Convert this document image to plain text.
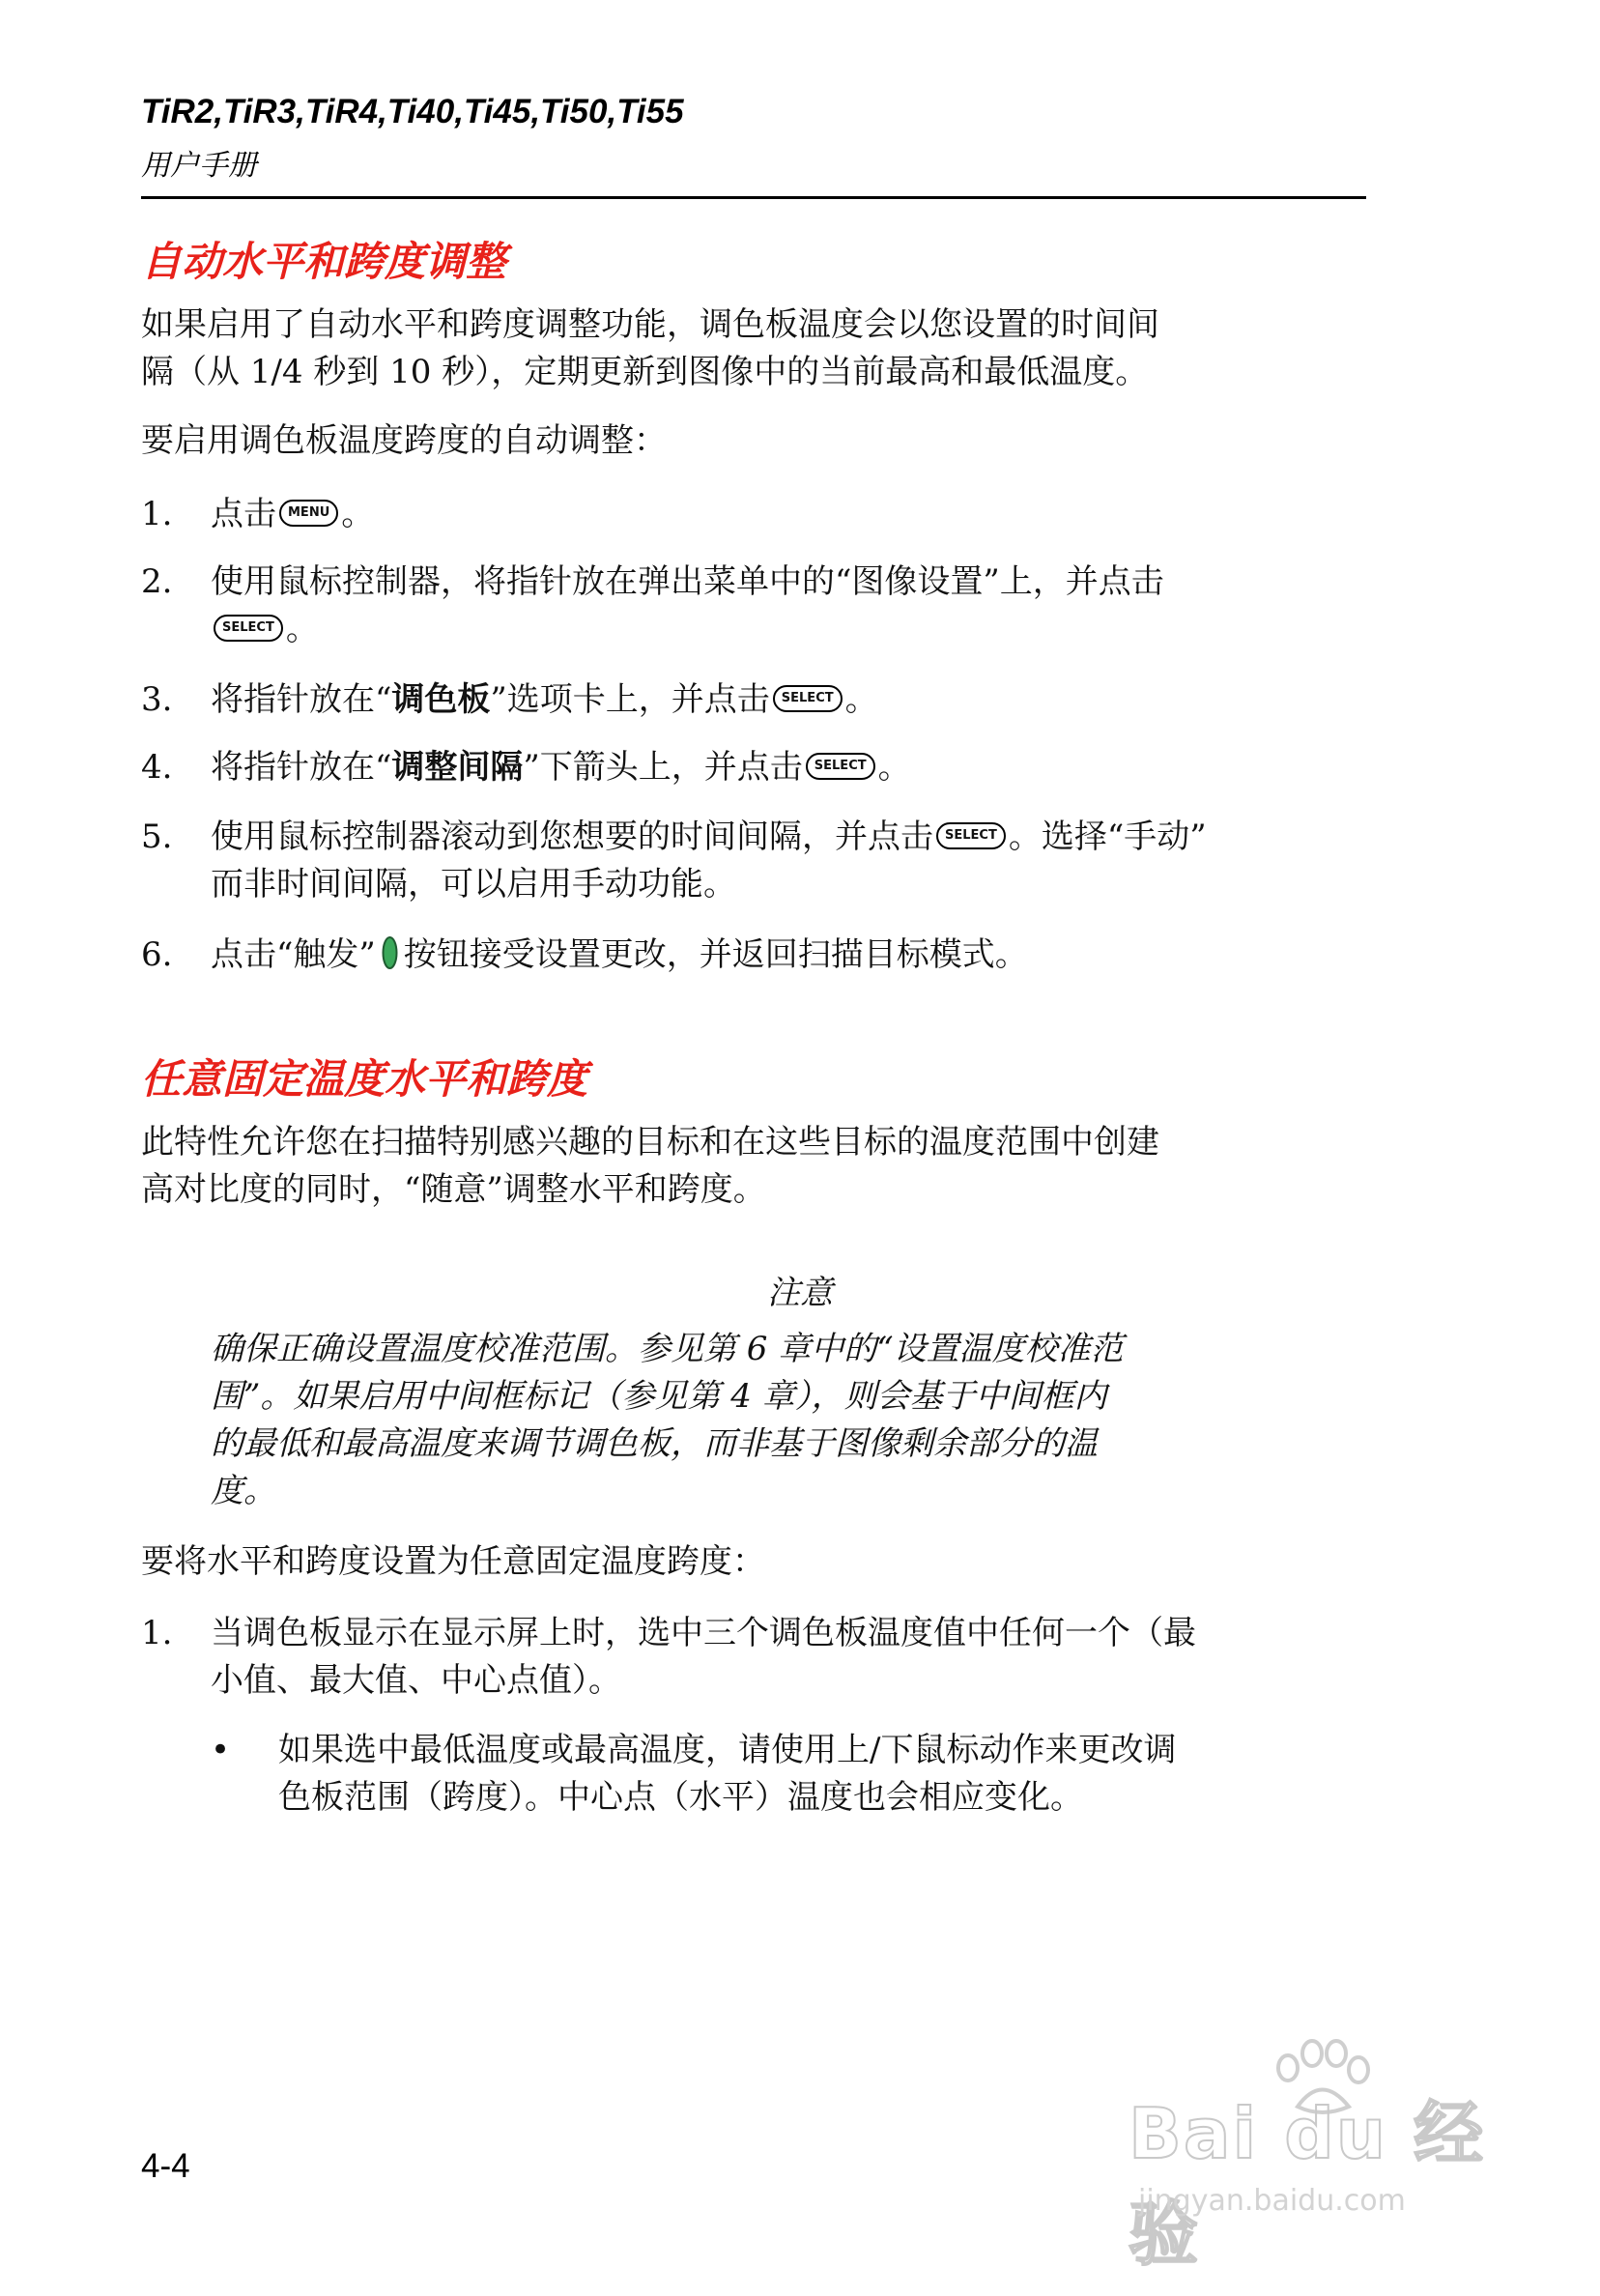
TiR2,TiR3,TiR4,Ti40,Ti45,Ti50,Ti55
用户手册
自动水平和跨度调整
如果启用了自动水平和跨度调整功能，调色板温度会以您设置的时间间
隔（从 1/4 秒到 10 秒），定期更新到图像中的当前最高和最低温度。
要启用调色板温度跨度的自动调整：
1.	点击 MENU 。
2.	使用鼠标控制器，将指针放在弹出菜单中的“图像设置”上，并点击
SELECT 。
3.	将指针放在“调色板”选项卡上，并点击 SELECT 。
4.	将指针放在“调整间隔”下箭头上，并点击 SELECT 。
5.	使用鼠标控制器滚动到您想要的时间间隔，并点击 SELECT 。选择“手动”
而非时间间隔，可以启用手动功能。
6.	点击“触发” 按钮接受设置更改，并返回扫描目标模式。
任意固定温度水平和跨度
此特性允许您在扫描特别感兴趣的目标和在这些目标的温度范围中创建
高对比度的同时，“随意”调整水平和跨度。
注意
确保正确设置温度校准范围。参见第 6 章中的“设置温度校准范
围”。如果启用中间框标记（参见第 4 章），则会基于中间框内
的最低和最高温度来调节调色板，而非基于图像剩余部分的温
度。
要将水平和跨度设置为任意固定温度跨度：
1.	当调色板显示在显示屏上时，选中三个调色板温度值中任何一个（最
小值、最大值、中心点值）。
• 如果选中最低温度或最高温度，请使用上/下鼠标动作来更改调
色板范围（跨度）。中心点（水平）温度也会相应变化。
4-4	Bai du 经验
jingyan.baidu.com
